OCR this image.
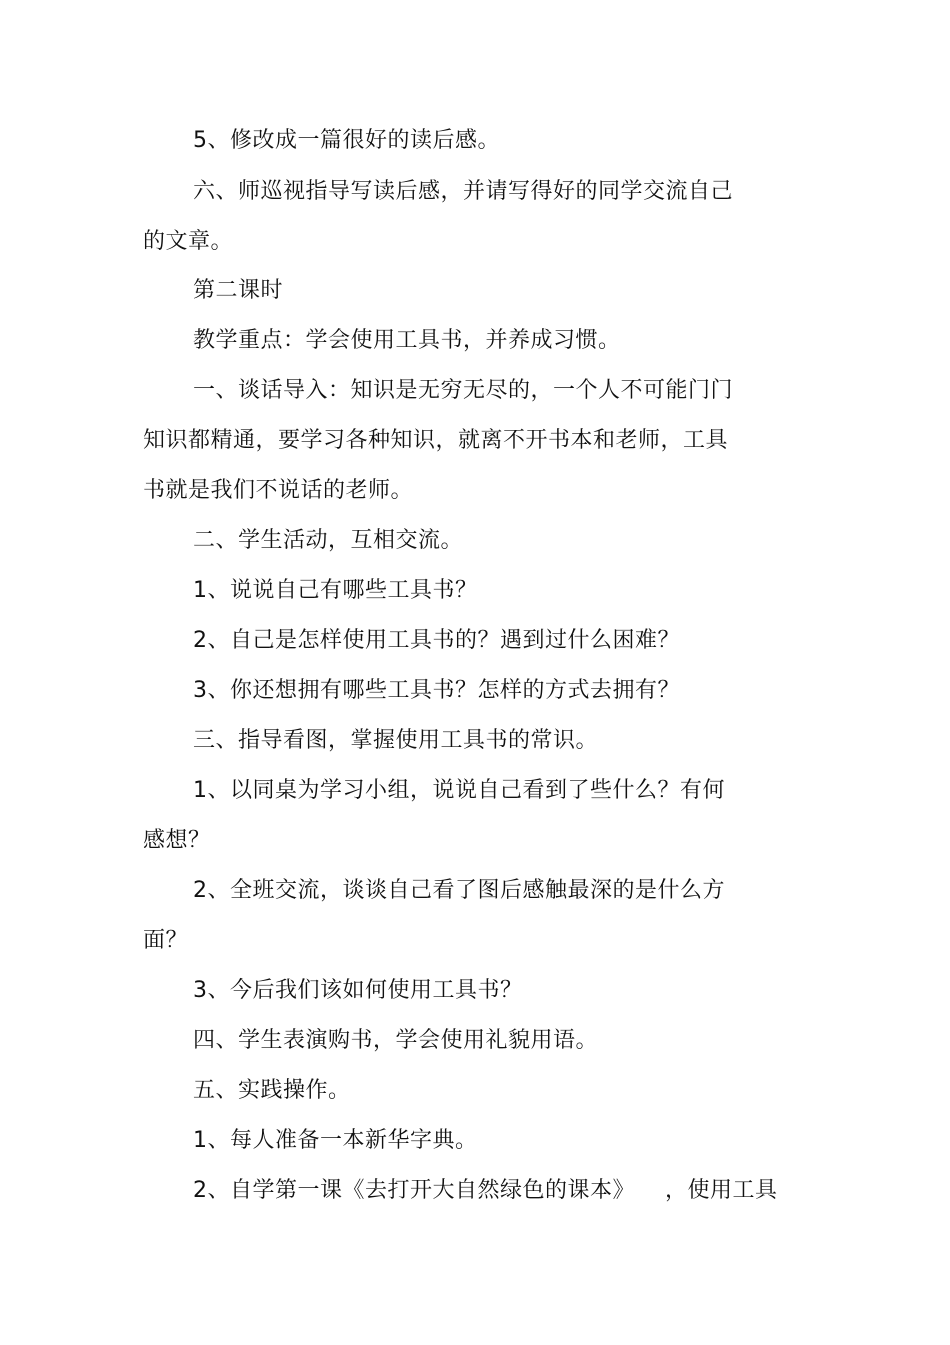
5、修改成一篇很好的读后感。
六、师巡视指导写读后感，并请写得好的同学交流自己
的文章。
第二课时
教学重点：学会使用工具书，并养成习惯。
一、谈话导入：知识是无穷无尽的，一个人不可能门门
知识都精通，要学习各种知识，就离不开书本和老师，工具
书就是我们不说话的老师。
二、学生活动，互相交流。
1、说说自己有哪些工具书？
2、自己是怎样使用工具书的？遇到过什么困难？
3、你还想拥有哪些工具书？怎样的方式去拥有？
三、指导看图，掌握使用工具书的常识。
1、以同桌为学习小组，说说自己看到了些什么？有何
感想？
2、全班交流，谈谈自己看了图后感触最深的是什么方
面？
3、今后我们该如何使用工具书？
四、学生表演购书，学会使用礼貌用语。
五、实践操作。
1、每人准备一本新华字典。
2、自学第一课《去打开大自然绿色的课本》    ，使用工具
